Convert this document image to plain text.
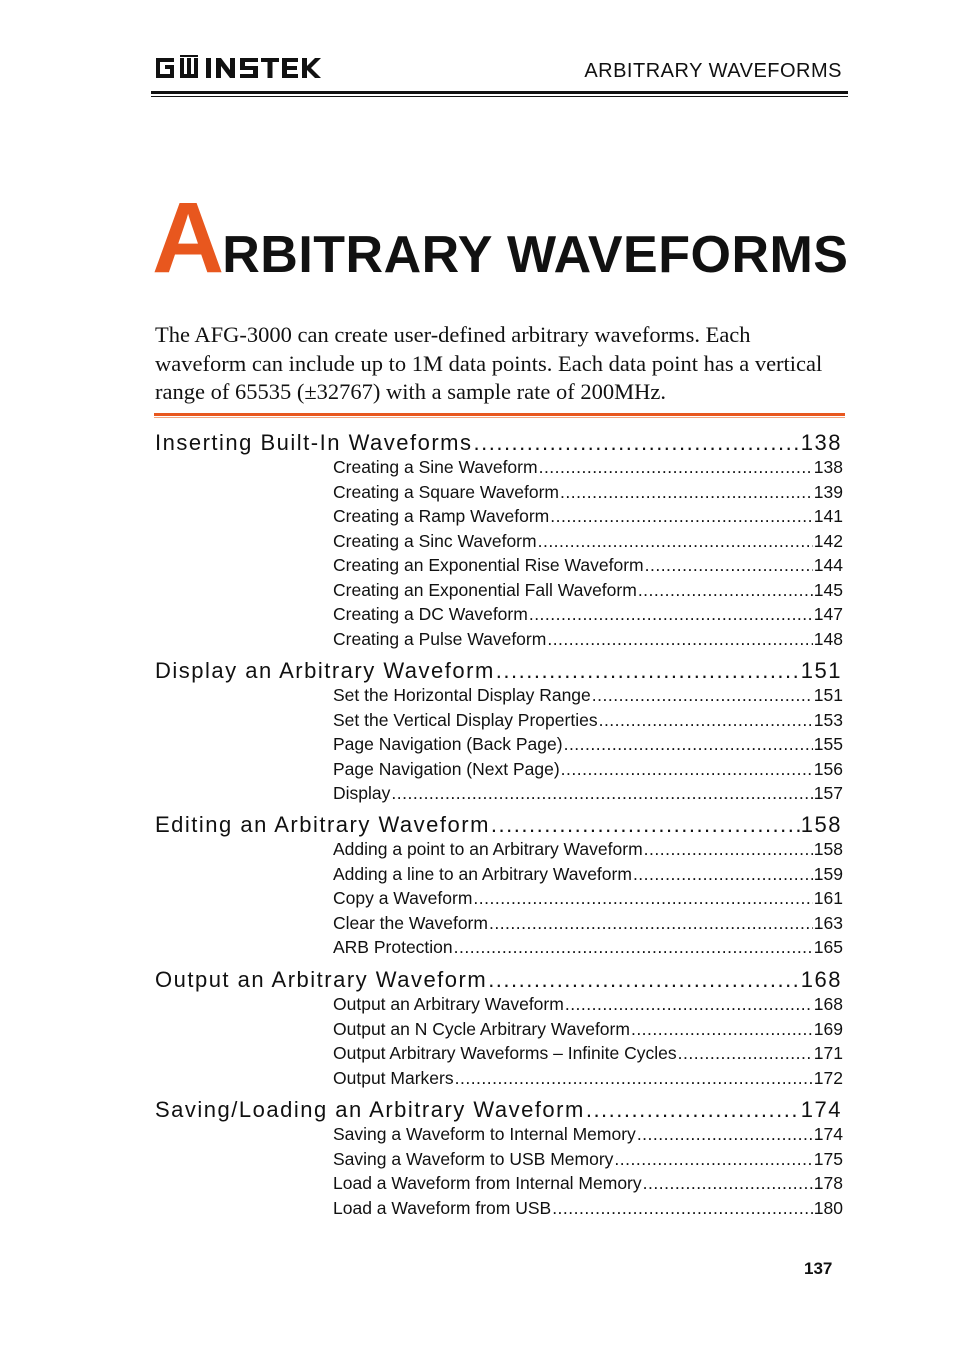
ARBITRARY WAVEFORMS
ARBITRARY WAVEFORMS
The AFG-3000 can create user-defined arbitrary waveforms. Each waveform can include up to 1M data points. Each data point has a vertical range of 65535 (±32767) with a sample rate of 200MHz.
Inserting Built-In Waveforms .....	138
Creating a Sine Waveform .....	138
Creating a Square Waveform .....	139
Creating a Ramp Waveform .....	141
Creating a Sinc Waveform .....	142
Creating an Exponential Rise Waveform .....	144
Creating an Exponential Fall Waveform .....	145
Creating a DC Waveform .....	147
Creating a Pulse Waveform .....	148
Display an Arbitrary Waveform .....	151
Set the Horizontal Display Range .....	151
Set the Vertical Display Properties .....	153
Page Navigation (Back Page) .....	155
Page Navigation (Next Page) .....	156
Display .....	157
Editing an Arbitrary Waveform .....	158
Adding a point to an Arbitrary Waveform .....	158
Adding a line to an Arbitrary Waveform .....	159
Copy a Waveform .....	161
Clear the Waveform .....	163
ARB Protection .....	165
Output an Arbitrary Waveform .....	168
Output an Arbitrary Waveform .....	168
Output an N Cycle Arbitrary Waveform .....	169
Output Arbitrary Waveforms – Infinite Cycles .....	171
Output Markers .....	172
Saving/Loading an Arbitrary Waveform .....	174
Saving a Waveform to Internal Memory .....	174
Saving a Waveform to USB Memory .....	175
Load a Waveform from Internal Memory .....	178
Load a Waveform from USB .....	180
137
